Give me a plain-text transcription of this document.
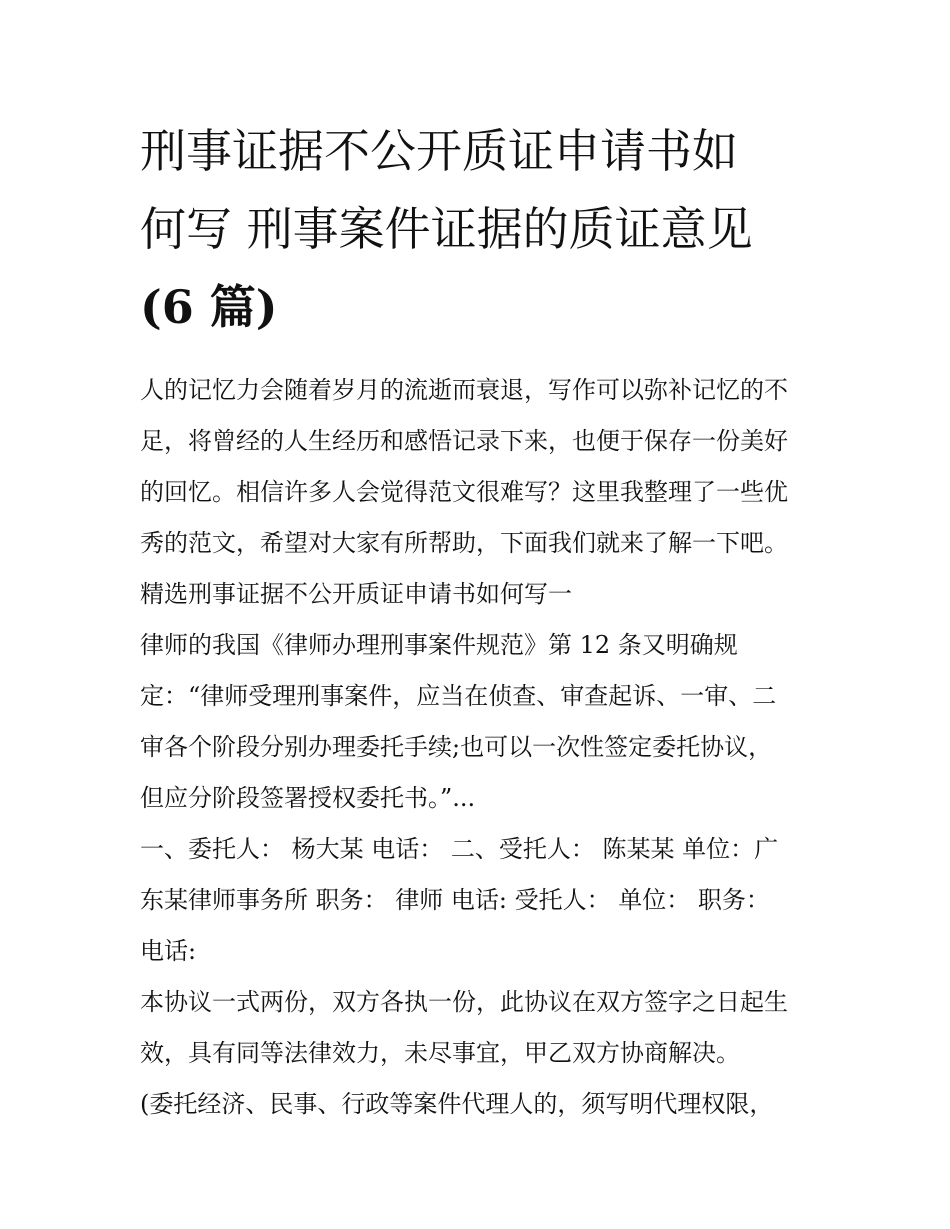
刑事证据不公开质证申请书如
何写 刑事案件证据的质证意见
(6 篇)
人的记忆力会随着岁月的流逝而衰退，写作可以弥补记忆的不
足，将曾经的人生经历和感悟记录下来，也便于保存一份美好
的回忆。相信许多人会觉得范文很难写？这里我整理了一些优
秀的范文，希望对大家有所帮助，下面我们就来了解一下吧。
精选刑事证据不公开质证申请书如何写一
律师的我国《律师办理刑事案件规范》第 12 条又明确规
定：“律师受理刑事案件，应当在侦查、审查起诉、一审、二
审各个阶段分别办理委托手续;也可以一次性签定委托协议，
但应分阶段签署授权委托书。”...
一、委托人： 杨大某 电话： 二、受托人： 陈某某 单位：广
东某律师事务所 职务： 律师 电话: 受托人： 单位： 职务：
电话:
本协议一式两份，双方各执一份，此协议在双方签字之日起生
效，具有同等法律效力，未尽事宜，甲乙双方协商解决。
(委托经济、民事、行政等案件代理人的，须写明代理权限，
